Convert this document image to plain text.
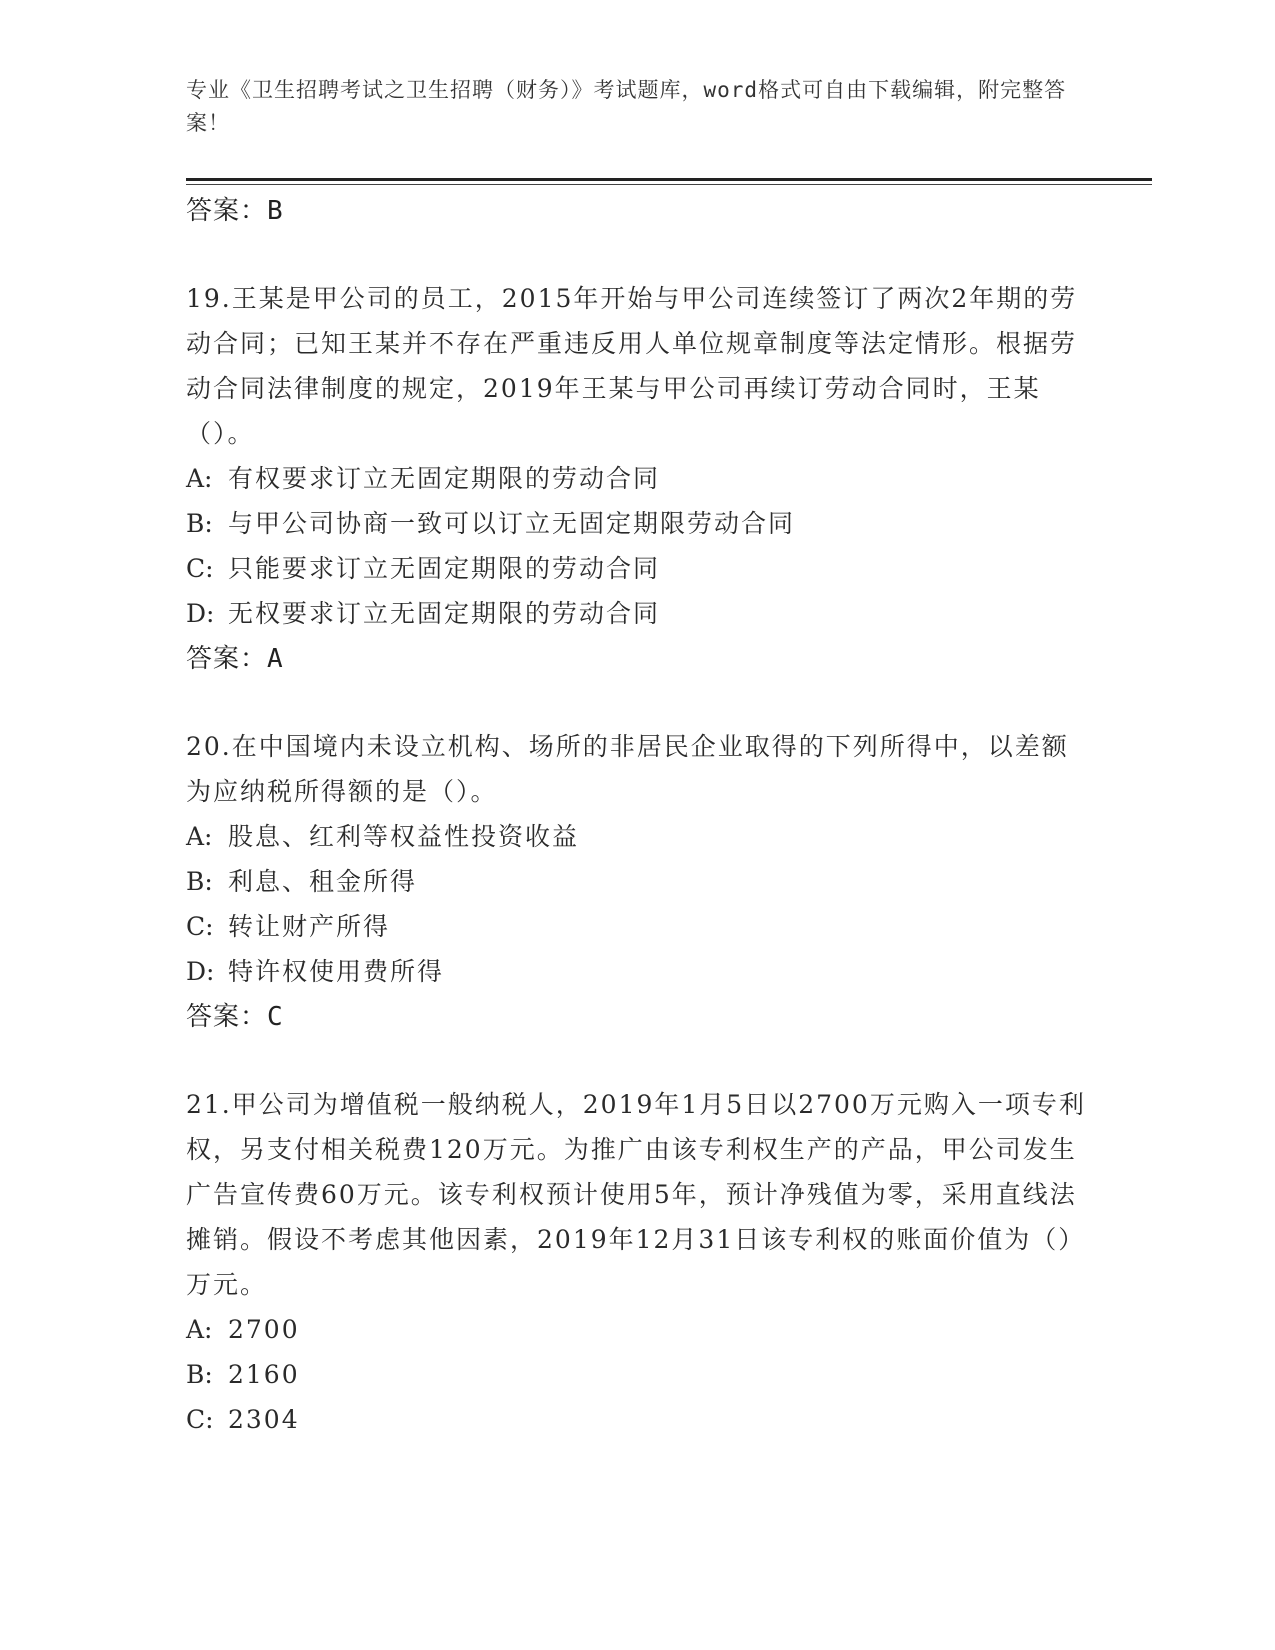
专业《卫生招聘考试之卫生招聘（财务）》考试题库，word格式可自由下载编辑，附完整答案！
答案：B
19.王某是甲公司的员工，2015年开始与甲公司连续签订了两次2年期的劳动合同；已知王某并不存在严重违反用人单位规章制度等法定情形。根据劳动合同法律制度的规定，2019年王某与甲公司再续订劳动合同时，王某（）。
A: 有权要求订立无固定期限的劳动合同
B: 与甲公司协商一致可以订立无固定期限劳动合同
C: 只能要求订立无固定期限的劳动合同
D: 无权要求订立无固定期限的劳动合同
答案：A
20.在中国境内未设立机构、场所的非居民企业取得的下列所得中，以差额为应纳税所得额的是（）。
A: 股息、红利等权益性投资收益
B: 利息、租金所得
C: 转让财产所得
D: 特许权使用费所得
答案：C
21.甲公司为增值税一般纳税人，2019年1月5日以2700万元购入一项专利权，另支付相关税费120万元。为推广由该专利权生产的产品，甲公司发生广告宣传费60万元。该专利权预计使用5年，预计净残值为零，采用直线法摊销。假设不考虑其他因素，2019年12月31日该专利权的账面价值为（）万元。
A: 2700
B: 2160
C: 2304
